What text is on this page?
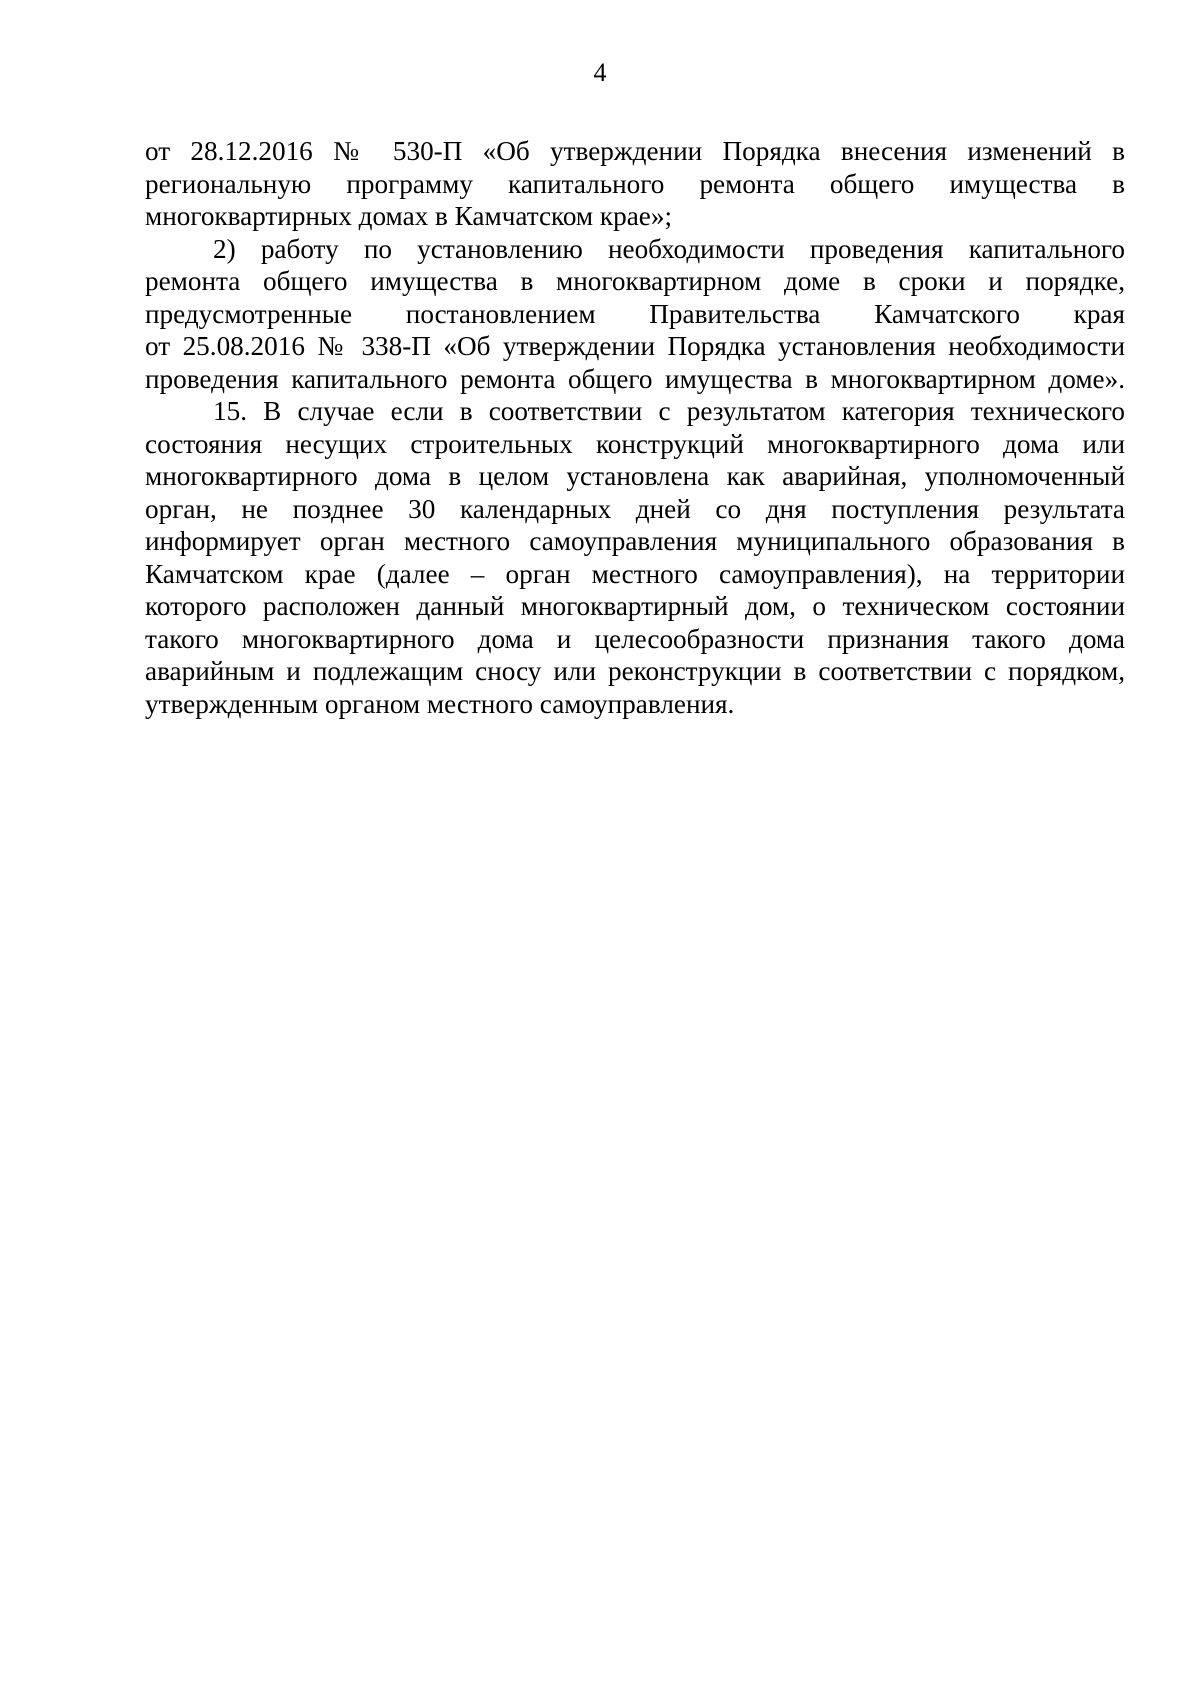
4
от 28.12.2016 № 530-П «Об утверждении Порядка внесения изменений в
региональную программу капитального ремонта общего имущества в
многоквартирных домах в Камчатском крае»;
2) работу по установлению необходимости проведения капитального
ремонта общего имущества в многоквартирном доме в сроки и порядке,
предусмотренные постановлением Правительства Камчатского края
от 25.08.2016 № 338-П «Об утверждении Порядка установления необходимости
проведения капитального ремонта общего имущества в многоквартирном доме».
15. В случае если в соответствии с результатом категория технического
состояния несущих строительных конструкций многоквартирного дома или
многоквартирного дома в целом установлена как аварийная, уполномоченный
орган, не позднее 30 календарных дней со дня поступления результата
информирует орган местного самоуправления муниципального образования в
Камчатском крае (далее – орган местного самоуправления), на территории
которого расположен данный многоквартирный дом, о техническом состоянии
такого многоквартирного дома и целесообразности признания такого дома
аварийным и подлежащим сносу или реконструкции в соответствии с порядком,
утвержденным органом местного самоуправления.
